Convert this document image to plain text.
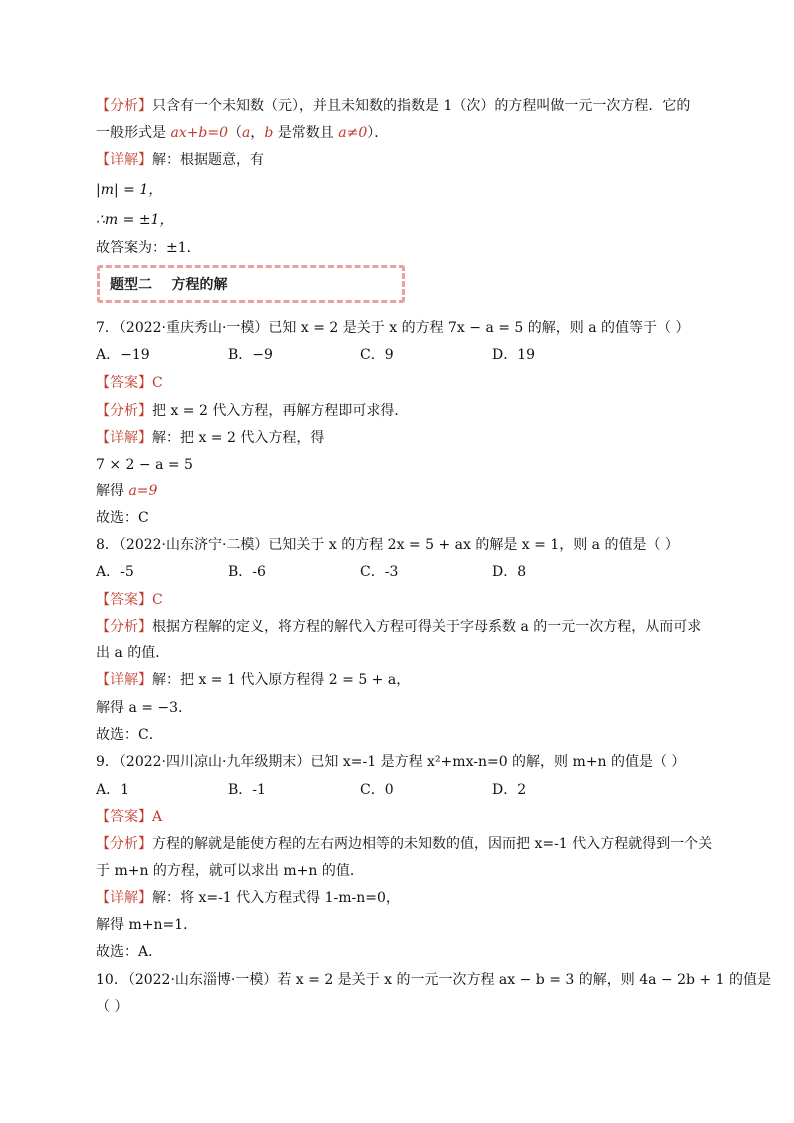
【分析】只含有一个未知数（元），并且未知数的指数是 1（次）的方程叫做一元一次方程．它的
一般形式是 ax+b=0（a，b 是常数且 a≠0）．
【详解】解：根据题意，有
|m| = 1，
∴m = ±1，
故答案为：±1．
题型二    方程的解
7．（2022·重庆秀山·一模）已知 x = 2 是关于 x 的方程 7x − a = 5 的解，则 a 的值等于（ ）
A．−19	B．−9	C．9	D．19
【答案】C
【分析】把 x = 2 代入方程，再解方程即可求得．
【详解】解：把 x = 2 代入方程，得
7 × 2 − a = 5
解得 a=9
故选：C
8．（2022·山东济宁·二模）已知关于 x 的方程 2x = 5 + ax 的解是 x = 1，则 a 的值是（ ）
A．-5	B．-6	C．-3	D．8
【答案】C
【分析】根据方程解的定义，将方程的解代入方程可得关于字母系数 a 的一元一次方程，从而可求
出 a 的值．
【详解】解：把 x = 1 代入原方程得 2 = 5 + a，
解得 a = −3．
故选：C．
9．（2022·四川凉山·九年级期末）已知 x=-1 是方程 x²+mx-n=0 的解，则 m+n 的值是（ ）
A．1	B．-1	C．0	D．2
【答案】A
【分析】方程的解就是能使方程的左右两边相等的未知数的值，因而把 x=-1 代入方程就得到一个关
于 m+n 的方程，就可以求出 m+n 的值．
【详解】解：将 x=-1 代入方程式得 1-m-n=0，
解得 m+n=1．
故选：A．
10．（2022·山东淄博·一模）若 x = 2 是关于 x 的一元一次方程 ax − b = 3 的解，则 4a − 2b + 1 的值是
（ ）
